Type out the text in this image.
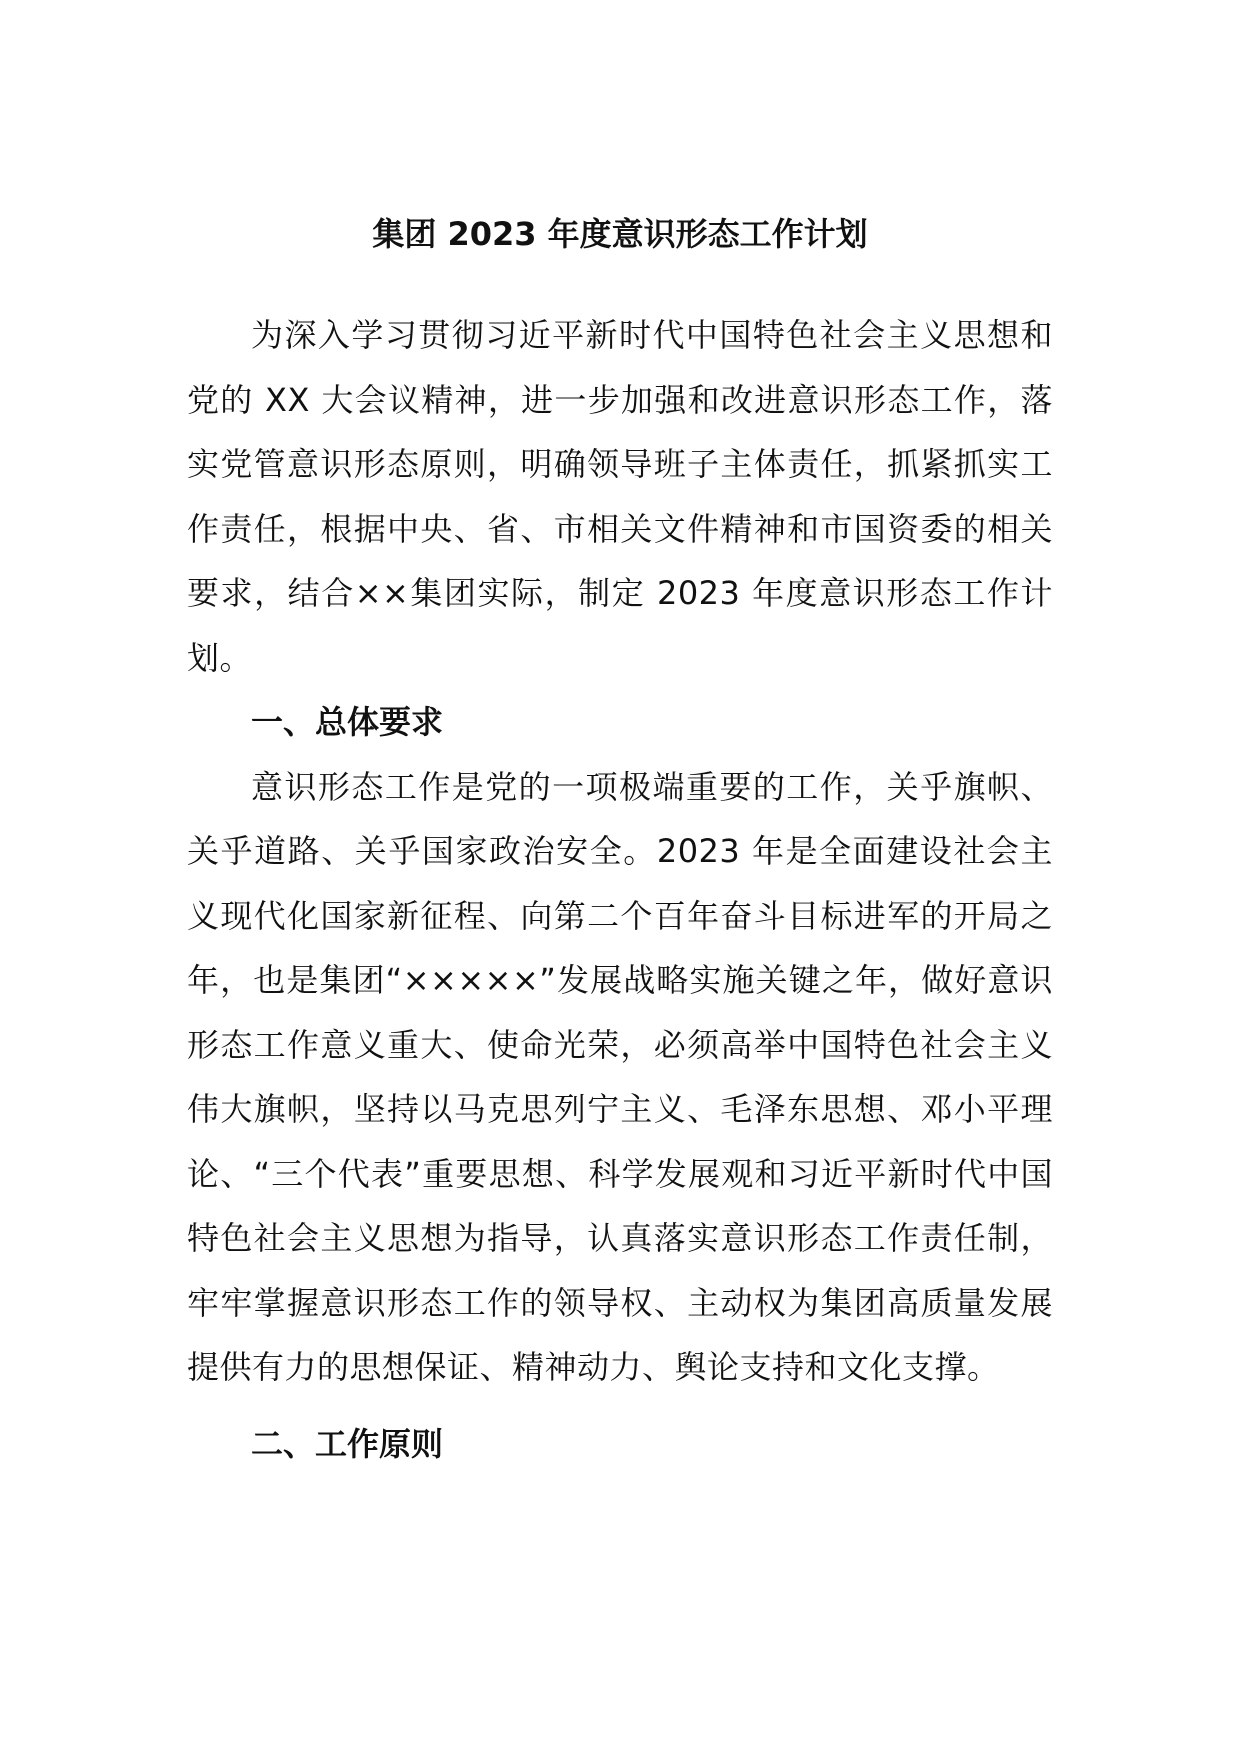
集团 2023 年度意识形态工作计划

为深入学习贯彻习近平新时代中国特色社会主义思想和党的 XX 大会议精神，进一步加强和改进意识形态工作，落实党管意识形态原则，明确领导班子主体责任，抓紧抓实工作责任，根据中央、省、市相关文件精神和市国资委的相关要求，结合××集团实际，制定 2023 年度意识形态工作计划。

一、总体要求

意识形态工作是党的一项极端重要的工作，关乎旗帜、关乎道路、关乎国家政治安全。2023 年是全面建设社会主义现代化国家新征程、向第二个百年奋斗目标进军的开局之年，也是集团“×××××”发展战略实施关键之年，做好意识形态工作意义重大、使命光荣，必须高举中国特色社会主义伟大旗帜，坚持以马克思列宁主义、毛泽东思想、邓小平理论、“三个代表”重要思想、科学发展观和习近平新时代中国特色社会主义思想为指导，认真落实意识形态工作责任制，牢牢掌握意识形态工作的领导权、主动权为集团高质量发展提供有力的思想保证、精神动力、舆论支持和文化支撑。

二、工作原则
